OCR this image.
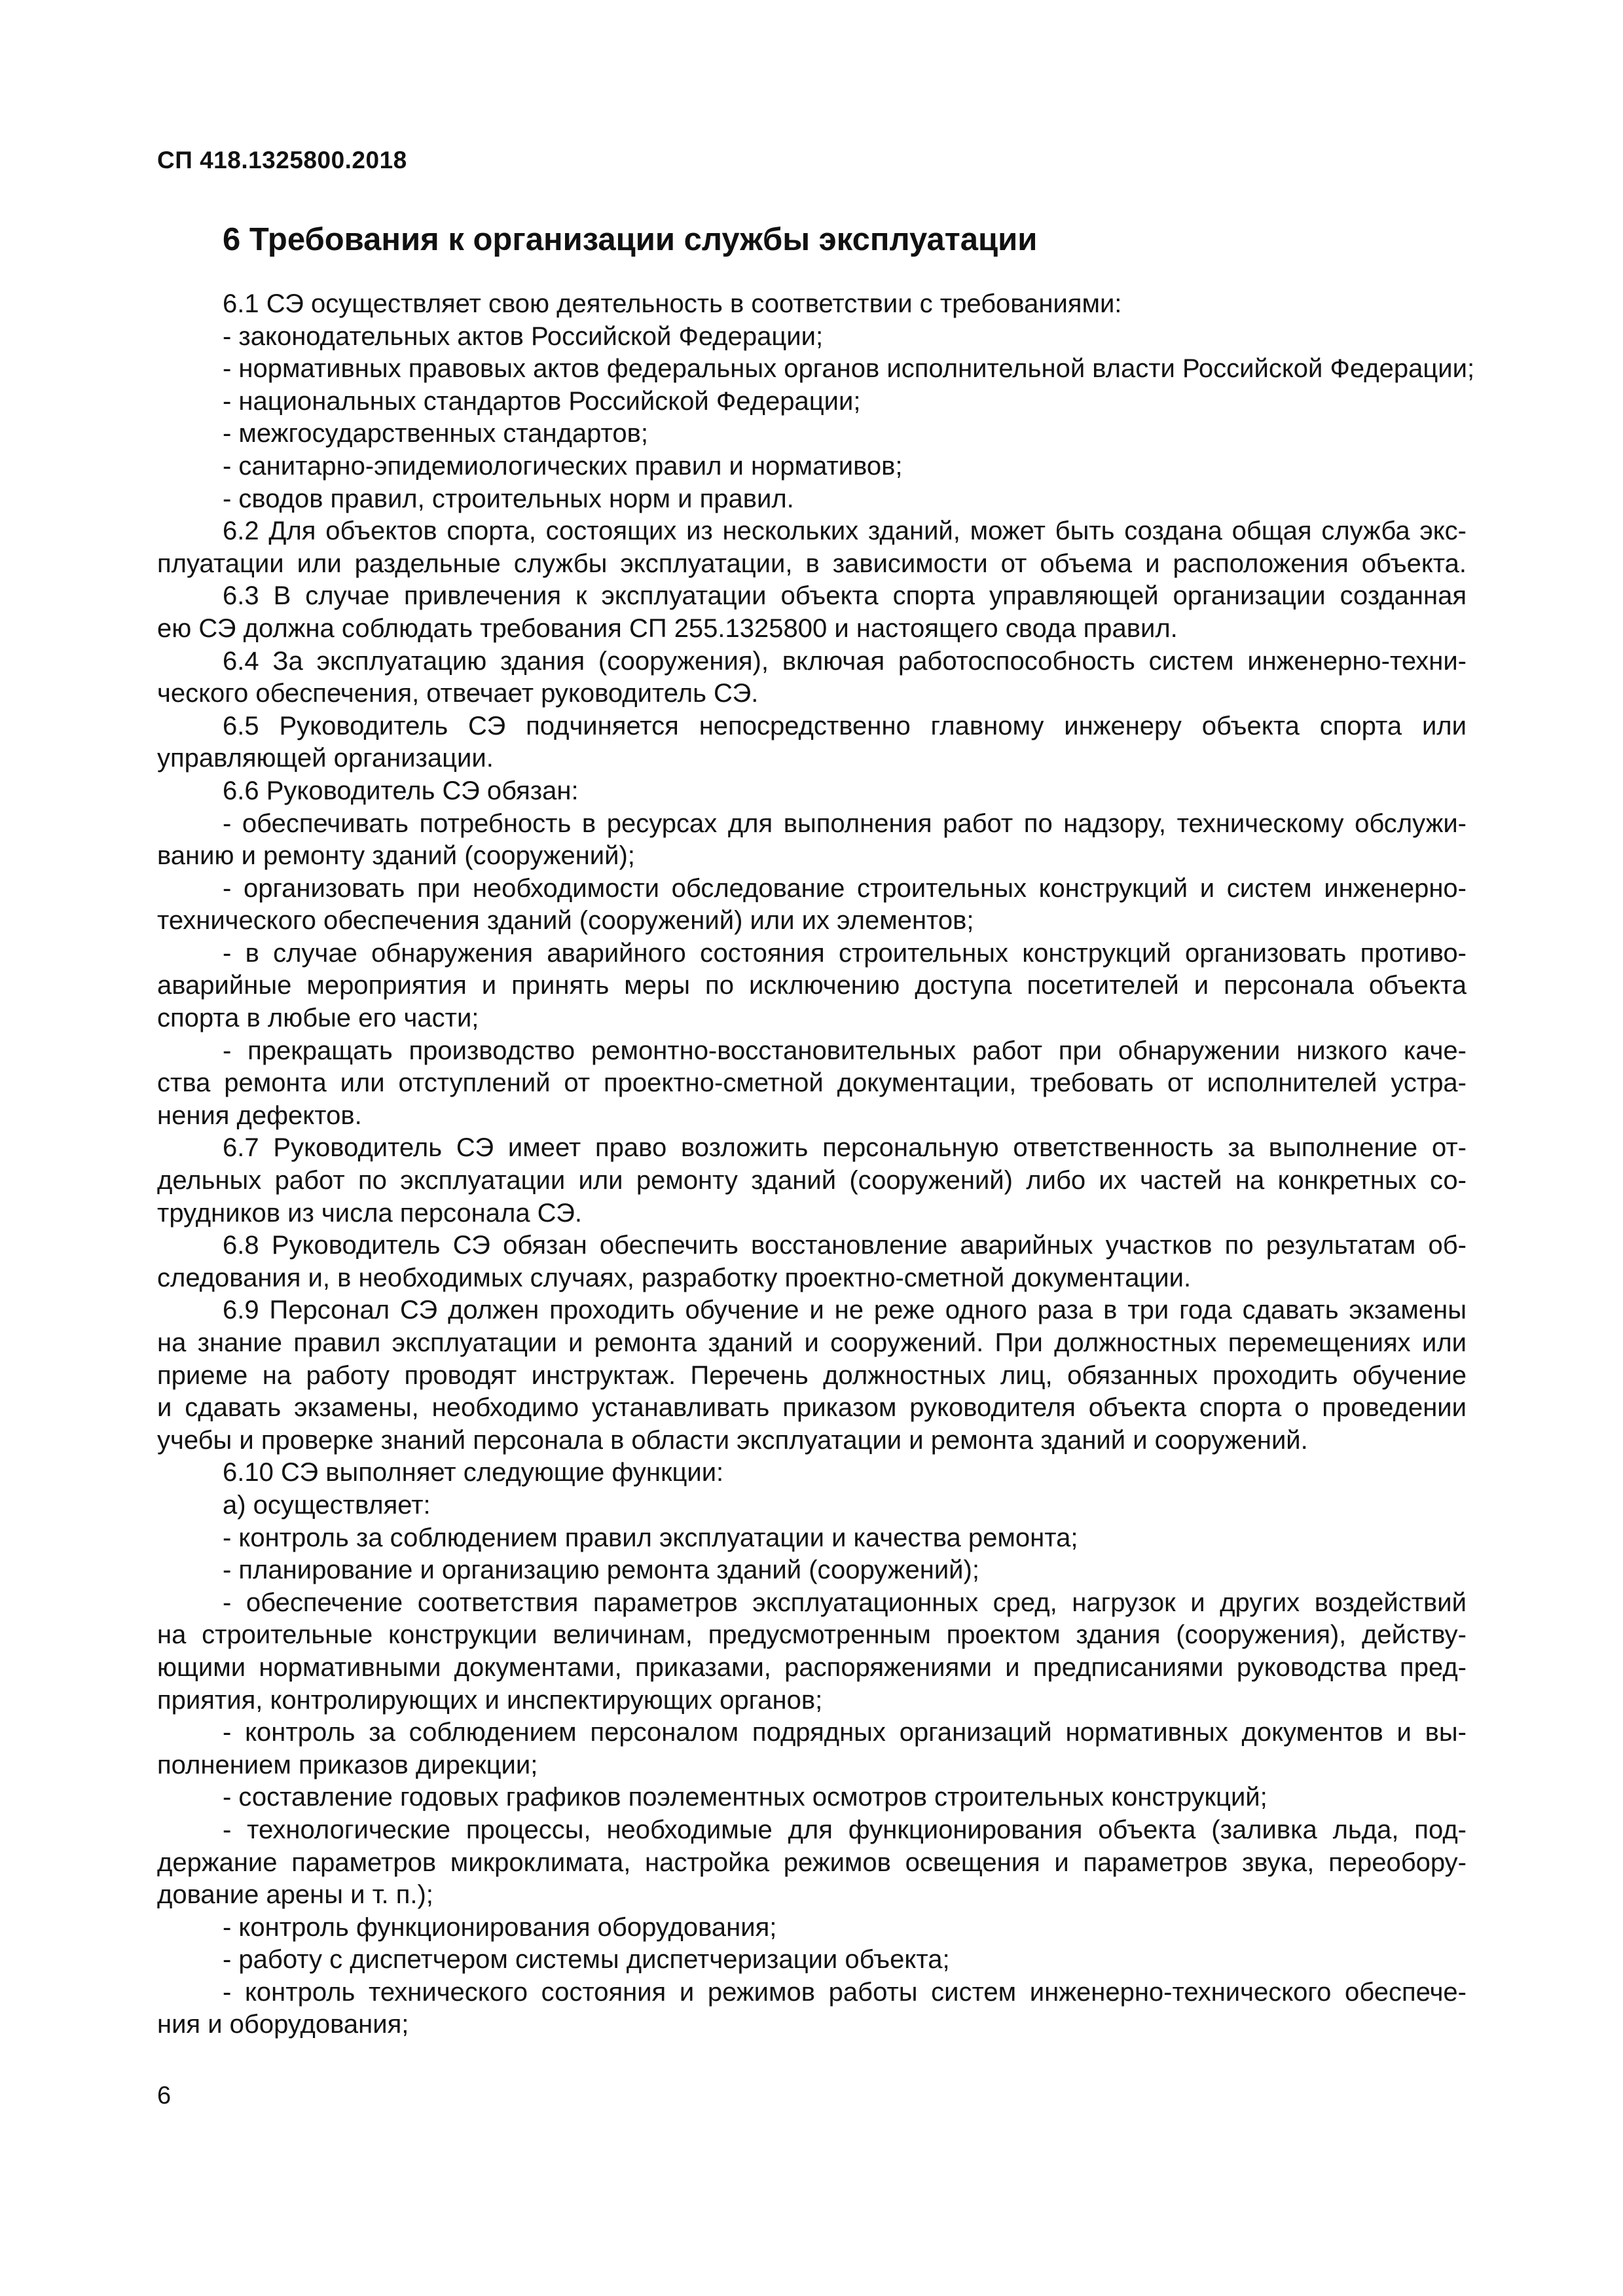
СП 418.1325800.2018
6 Требования к организации службы эксплуатации
6.1 СЭ осуществляет свою деятельность в соответствии с требованиями:
- законодательных актов Российской Федерации;
- нормативных правовых актов федеральных органов исполнительной власти Российской Федерации;
- национальных стандартов Российской Федерации;
- межгосударственных стандартов;
- санитарно-эпидемиологических правил и нормативов;
- сводов правил, строительных норм и правил.
6.2 Для объектов спорта, состоящих из нескольких зданий, может быть создана общая служба экс-
плуатации или раздельные службы эксплуатации, в зависимости от объема и расположения объекта.
6.3 В случае привлечения к эксплуатации объекта спорта управляющей организации созданная
ею СЭ должна соблюдать требования СП 255.1325800 и настоящего свода правил.
6.4 За эксплуатацию здания (сооружения), включая работоспособность систем инженерно-техни-
ческого обеспечения, отвечает руководитель СЭ.
6.5 Руководитель СЭ подчиняется непосредственно главному инженеру объекта спорта или
управляющей организации.
6.6 Руководитель СЭ обязан:
- обеспечивать потребность в ресурсах для выполнения работ по надзору, техническому обслужи-
ванию и ремонту зданий (сооружений);
- организовать при необходимости обследование строительных конструкций и систем инженерно-
технического обеспечения зданий (сооружений) или их элементов;
- в случае обнаружения аварийного состояния строительных конструкций организовать противо-
аварийные мероприятия и принять меры по исключению доступа посетителей и персонала объекта
спорта в любые его части;
- прекращать производство ремонтно-восстановительных работ при обнаружении низкого каче-
ства ремонта или отступлений от проектно-сметной документации, требовать от исполнителей устра-
нения дефектов.
6.7 Руководитель СЭ имеет право возложить персональную ответственность за выполнение от-
дельных работ по эксплуатации или ремонту зданий (сооружений) либо их частей на конкретных со-
трудников из числа персонала СЭ.
6.8 Руководитель СЭ обязан обеспечить восстановление аварийных участков по результатам об-
следования и, в необходимых случаях, разработку проектно-сметной документации.
6.9 Персонал СЭ должен проходить обучение и не реже одного раза в три года сдавать экзамены
на знание правил эксплуатации и ремонта зданий и сооружений. При должностных перемещениях или
приеме на работу проводят инструктаж. Перечень должностных лиц, обязанных проходить обучение
и сдавать экзамены, необходимо устанавливать приказом руководителя объекта спорта о проведении
учебы и проверке знаний персонала в области эксплуатации и ремонта зданий и сооружений.
6.10 СЭ выполняет следующие функции:
а) осуществляет:
- контроль за соблюдением правил эксплуатации и качества ремонта;
- планирование и организацию ремонта зданий (сооружений);
- обеспечение соответствия параметров эксплуатационных сред, нагрузок и других воздействий
на строительные конструкции величинам, предусмотренным проектом здания (сооружения), действу-
ющими нормативными документами, приказами, распоряжениями и предписаниями руководства пред-
приятия, контролирующих и инспектирующих органов;
- контроль за соблюдением персоналом подрядных организаций нормативных документов и вы-
полнением приказов дирекции;
- составление годовых графиков поэлементных осмотров строительных конструкций;
- технологические процессы, необходимые для функционирования объекта (заливка льда, под-
держание параметров микроклимата, настройка режимов освещения и параметров звука, переобору-
дование арены и т. п.);
- контроль функционирования оборудования;
- работу с диспетчером системы диспетчеризации объекта;
- контроль технического состояния и режимов работы систем инженерно-технического обеспече-
ния и оборудования;
6
